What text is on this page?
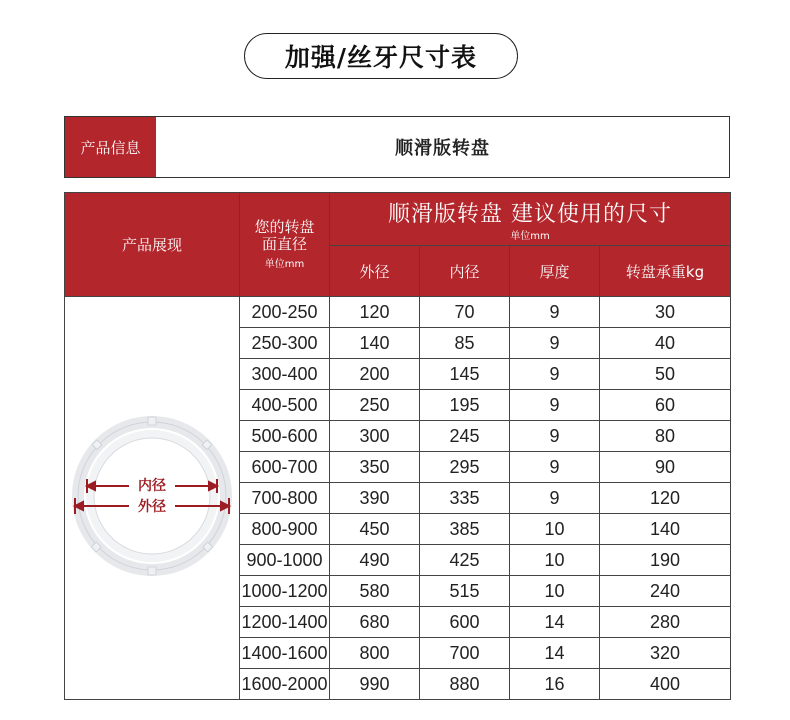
加强/丝牙尺寸表
产品信息	顺滑版转盘
产品展现	您的转盘
面直径
单位mm	顺滑版转盘 建议使用的尺寸
单位mm			

		外径	内径	厚度	转盘承重kg

内径
外径	200-250	120	70	9	30
	250-300	140	85	9	40
	300-400	200	145	9	50
	400-500	250	195	9	60
	500-600	300	245	9	80
	600-700	350	295	9	90
	700-800	390	335	9	120
	800-900	450	385	10	140
	900-1000	490	425	10	190
	1000-1200	580	515	10	240
	1200-1400	680	600	14	280
	1400-1600	800	700	14	320
	1600-2000	990	880	16	400
